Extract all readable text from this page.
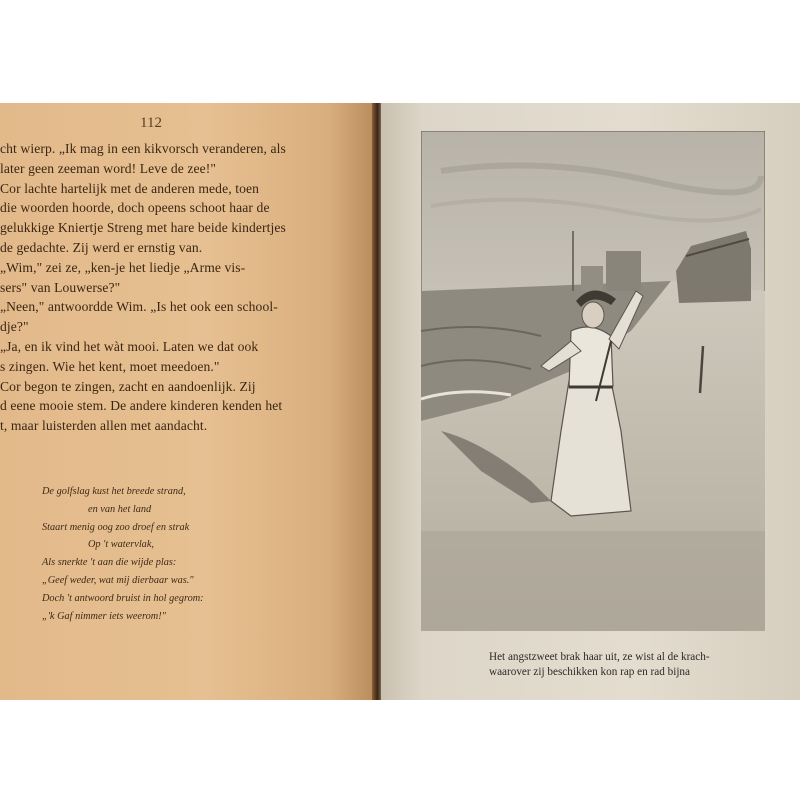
112
cht wierp. „Ik mag in een kikvorsch veranderen, als
later geen zeeman word! Leve de zee!"
Cor lachte hartelijk met de anderen mede, toen
die woorden hoorde, doch opeens schoot haar de
gelukkige Kniertje Streng met hare beide kindertjes
de gedachte. Zij werd er ernstig van.
„Wim," zei ze, „ken-je het liedje „Arme vis-
sers" van Louwerse?"
„Neen," antwoordde Wim. „Is het ook een school-
dje?"
„Ja, en ik vind het wàt mooi. Laten we dat ook
s zingen. Wie het kent, moet meedoen."
Cor begon te zingen, zacht en aandoenlijk. Zij
d eene mooie stem. De andere kinderen kenden het
t, maar luisterden allen met aandacht.
De golfslag kust het breede strand,
en van het land
Staart menig oog zoo droef en strak
Op 't watervlak,
Als snerkte 't aan die wijde plas:
„Geef weder, wat mij dierbaar was."
Doch 't antwoord bruist in hol gegrom:
„'k Gaf nimmer iets weerom!"
Het angstzweet brak haar uit, ze wist al de krach-
waarover zij beschikken kon rap en rad bijna
